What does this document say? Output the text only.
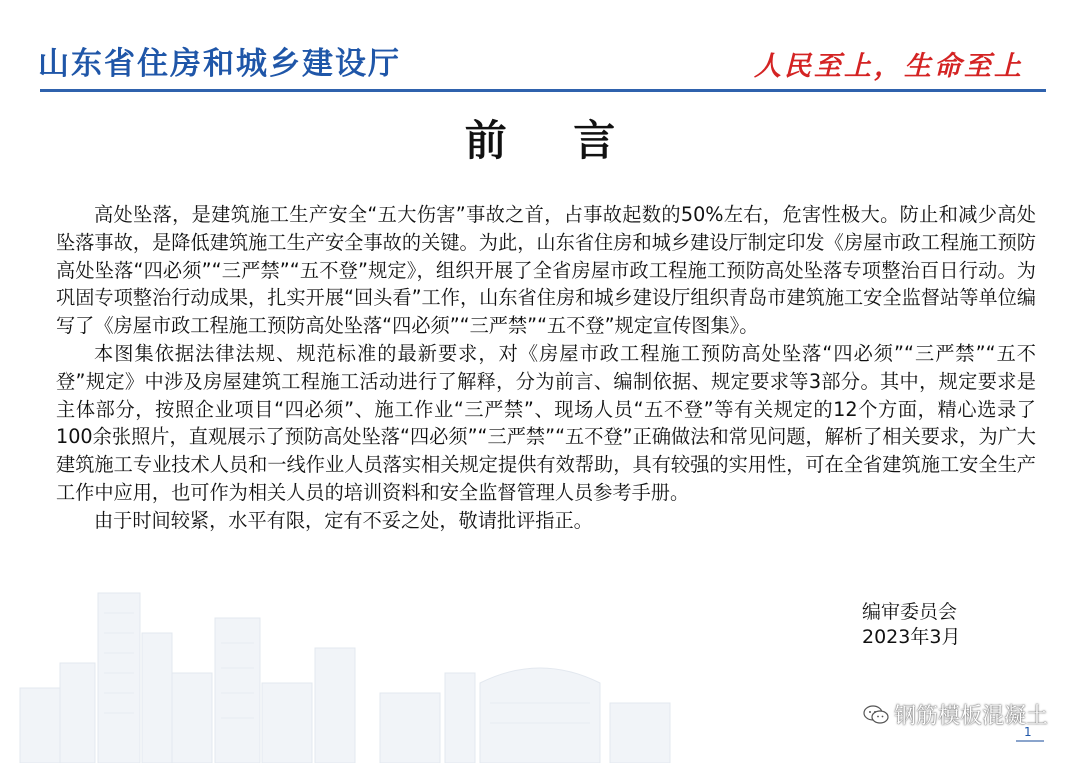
山东省住房和城乡建设厅	人民至上，生命至上
前 言

高处坠落，是建筑施工生产安全“五大伤害”事故之首，占事故起数的50%左右，危害性极大。防止和减少高处坠落事故，是降低建筑施工生产安全事故的关键。为此，山东省住房和城乡建设厅制定印发《房屋市政工程施工预防高处坠落“四必须”“三严禁”“五不登”规定》，组织开展了全省房屋市政工程施工预防高处坠落专项整治百日行动。为巩固专项整治行动成果，扎实开展“回头看”工作，山东省住房和城乡建设厅组织青岛市建筑施工安全监督站等单位编写了《房屋市政工程施工预防高处坠落“四必须”“三严禁”“五不登”规定宣传图集》。

本图集依据法律法规、规范标准的最新要求，对《房屋市政工程施工预防高处坠落“四必须”“三严禁”“五不登”规定》中涉及房屋建筑工程施工活动进行了解释，分为前言、编制依据、规定要求等3部分。其中，规定要求是主体部分，按照企业项目“四必须”、施工作业“三严禁”、现场人员“五不登”等有关规定的12个方面，精心选录了100余张照片，直观展示了预防高处坠落“四必须”“三严禁”“五不登”正确做法和常见问题，解析了相关要求，为广大建筑施工专业技术人员和一线作业人员落实相关规定提供有效帮助，具有较强的实用性，可在全省建筑施工安全生产工作中应用，也可作为相关人员的培训资料和安全监督管理人员参考手册。

由于时间较紧，水平有限，定有不妥之处，敬请批评指正。

编审委员会
2023年3月
钢筋模板混凝土
1
